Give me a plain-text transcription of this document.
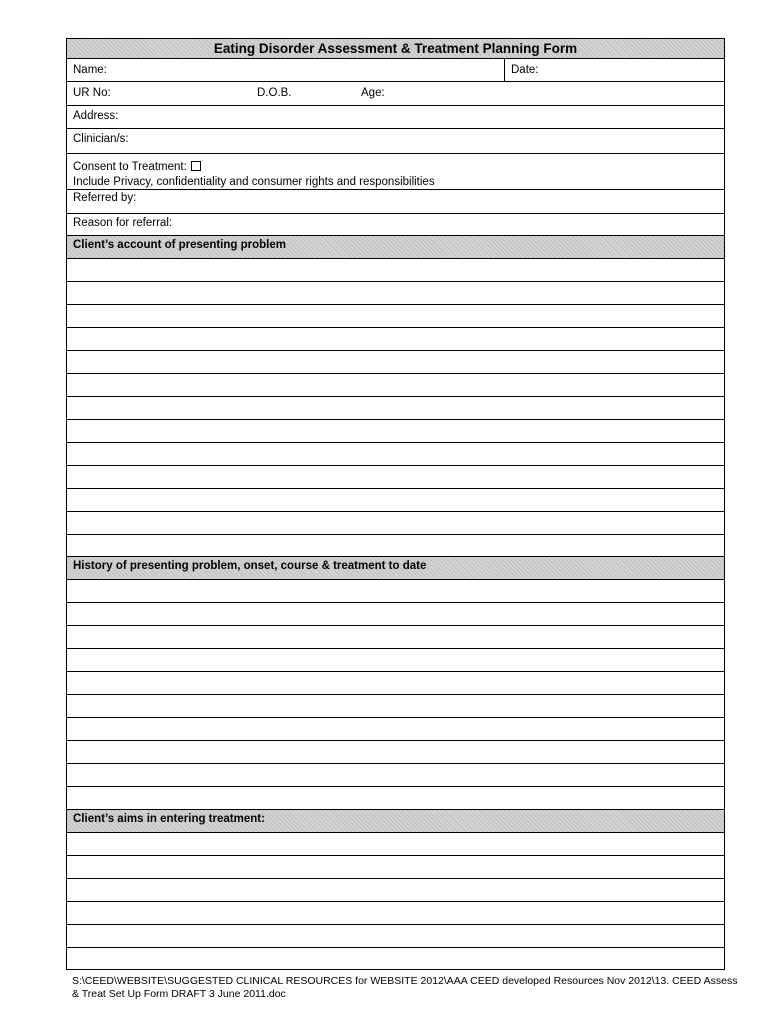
Eating Disorder Assessment & Treatment Planning Form
Name:	Date:
UR No:	D.O.B.	Age:
Address:
Clinician/s:
Consent to Treatment:
Include Privacy, confidentiality and consumer rights and responsibilities
Referred by:
Reason for referral:
Client’s account of presenting problem
History of presenting problem, onset, course & treatment to date
Client’s aims in entering treatment:
S:\CEED\WEBSITE\SUGGESTED CLINICAL RESOURCES for WEBSITE 2012\AAA CEED developed Resources Nov 2012\13. CEED Assess & Treat Set Up Form DRAFT 3 June 2011.doc
